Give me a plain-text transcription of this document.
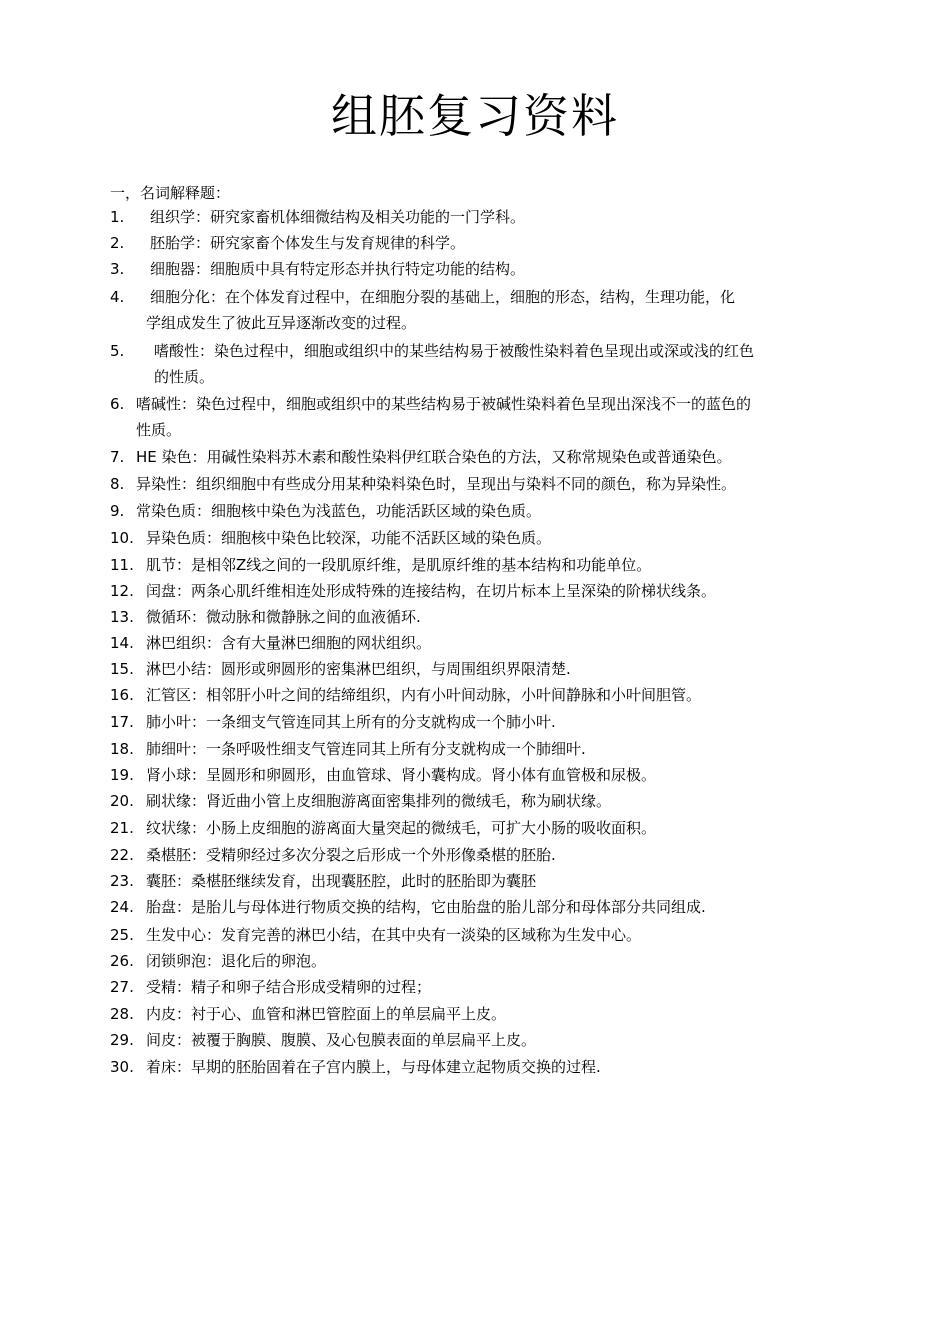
组胚复习资料
一，名词解释题：
1. 组织学：研究家畜机体细微结构及相关功能的一门学科。
2. 胚胎学：研究家畜个体发生与发育规律的科学。
3. 细胞器：细胞质中具有特定形态并执行特定功能的结构。
4. 细胞分化：在个体发育过程中，在细胞分裂的基础上，细胞的形态，结构，生理功能，化
学组成发生了彼此互异逐渐改变的过程。
5. 嗜酸性：染色过程中，细胞或组织中的某些结构易于被酸性染料着色呈现出或深或浅的红色
的性质。
6. 嗜碱性：染色过程中，细胞或组织中的某些结构易于被碱性染料着色呈现出深浅不一的蓝色的
性质。
7. HE 染色：用碱性染料苏木素和酸性染料伊红联合染色的方法，又称常规染色或普通染色。
8. 异染性：组织细胞中有些成分用某种染料染色时，呈现出与染料不同的颜色，称为异染性。
9. 常染色质：细胞核中染色为浅蓝色，功能活跃区域的染色质。
10. 异染色质：细胞核中染色比较深，功能不活跃区域的染色质。
11. 肌节：是相邻Z线之间的一段肌原纤维，是肌原纤维的基本结构和功能单位。
12. 闰盘：两条心肌纤维相连处形成特殊的连接结构，在切片标本上呈深染的阶梯状线条。
13. 微循环：微动脉和微静脉之间的血液循环.
14. 淋巴组织：含有大量淋巴细胞的网状组织。
15. 淋巴小结：圆形或卵圆形的密集淋巴组织，与周围组织界限清楚.
16. 汇管区：相邻肝小叶之间的结缔组织，内有小叶间动脉，小叶间静脉和小叶间胆管。
17. 肺小叶：一条细支气管连同其上所有的分支就构成一个肺小叶.
18. 肺细叶：一条呼吸性细支气管连同其上所有分支就构成一个肺细叶.
19. 肾小球：呈圆形和卵圆形，由血管球、肾小囊构成。肾小体有血管极和尿极。
20. 刷状缘：肾近曲小管上皮细胞游离面密集排列的微绒毛，称为刷状缘。
21. 纹状缘：小肠上皮细胞的游离面大量突起的微绒毛，可扩大小肠的吸收面积。
22. 桑椹胚：受精卵经过多次分裂之后形成一个外形像桑椹的胚胎.
23. 囊胚：桑椹胚继续发育，出现囊胚腔，此时的胚胎即为囊胚
24. 胎盘：是胎儿与母体进行物质交换的结构，它由胎盘的胎儿部分和母体部分共同组成.
25. 生发中心：发育完善的淋巴小结，在其中央有一淡染的区域称为生发中心。
26. 闭锁卵泡：退化后的卵泡。
27. 受精：精子和卵子结合形成受精卵的过程；
28. 内皮：衬于心、血管和淋巴管腔面上的单层扁平上皮。
29. 间皮：被覆于胸膜、腹膜、及心包膜表面的单层扁平上皮。
30. 着床：早期的胚胎固着在子宫内膜上，与母体建立起物质交换的过程.
